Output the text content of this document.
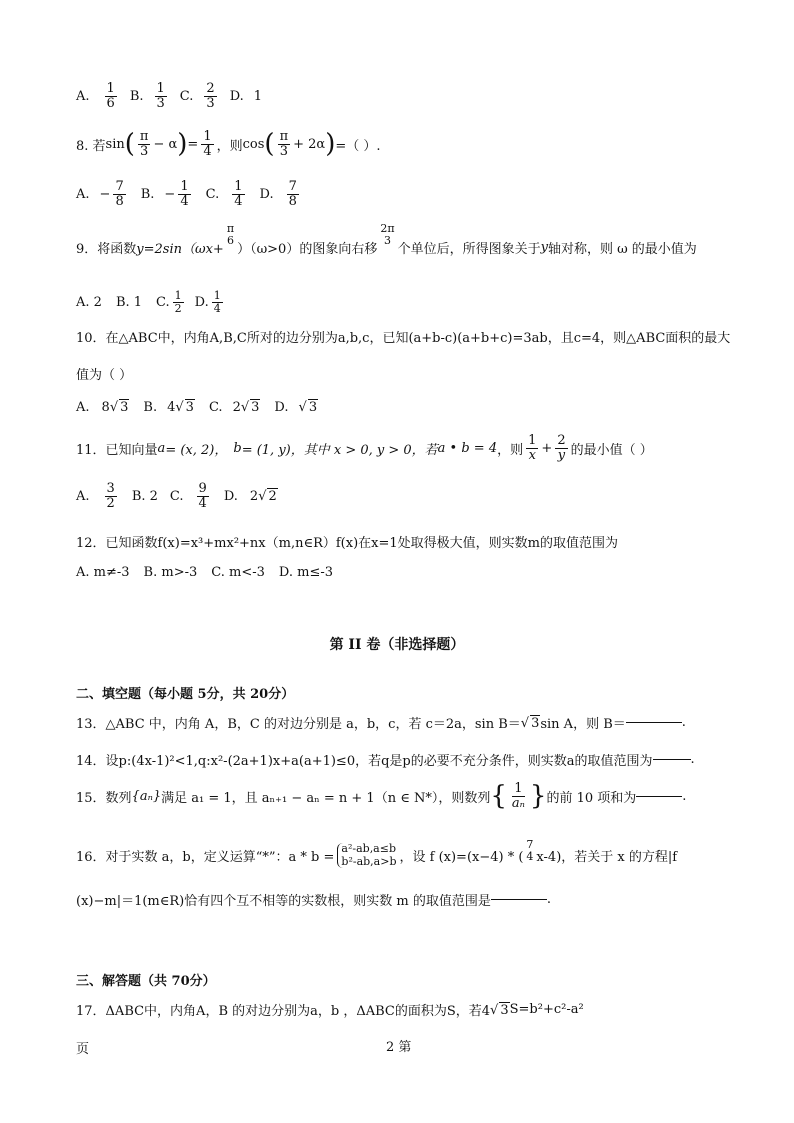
A. $\frac{1}{6} B$. $\frac{1}{3} C$. $\frac{2}{3} D$. 1
8. 若 sin ( $\frac{\pi}{3} - \alpha$ ) = $\frac{1}{4}$ ，则 cos ( $\frac{\pi}{3} + 2\alpha$ ) =（ ）.
A. − $\frac{7}{8} B$. − $\frac{1}{4} C$. $\frac{1}{4} D$. $\frac{7}{8}$
9．将函数 y=2sin（ωx+
π
6
）（ω>0）的图象向右移
2π
3
个单位后，所得图象关于 y 轴对称，则 ω 的最小值为
A. 2 B. 1 C. $\frac{1}{2} D$. $\frac{1}{4}$
10．在△ABC中，内角A,B,C所对的边分别为a,b,c，已知(a+b-c)(a+b+c)=3ab，且c=4，则△ABC面积的最大
值为（ ）
A. 8 √ 3 B. 4 √ 3 C. 2 √ 3 D. √ 3
11．已知向量 a = (x, 2)， b = (1, y)，其中 x > 0, y > 0，若 a • b = 4 ，则 $\frac{1}{x} + \frac{2}{y}$ 的最小值（ ）
A. $\frac{3}{2} B$. 2 C. $\frac{9}{4} D$. 2 √ 2
12．已知函数f(x)=x³+mx²+nx（m,n∈R）f(x)在x=1处取得极大值，则实数m的取值范围为
A. m≠-3 B. m>-3 C. m<-3 D. m≤-3
第 II 卷（非选择题）
二、填空题（每小题 5分，共 20分）
13．△ABC 中，内角 A，B，C 的对边分别是 a，b，c，若 c＝2a，sin B＝ √ 3 sin A，则 B＝	.
14．设p:(4x-1)²<1,q:x²-(2a+1)x+a(a+1)≤0，若q是p的必要不充分条件，则实数a的取值范围为	.
15．数列 {aₙ} 满足 a₁ = 1，且 aₙ₊₁ − aₙ = n + 1（n ∈ N*），则数列 { $\frac{1}{\text{aₙ}}$ } 的前 10 项和为	.
16．对于实数 a，b，定义运算“*”：a * b =
a²-ab,a≤b
b²-ab,a>b ，设 f (x)=(x−4) * (
7
4 x-4)，若关于 x 的方程|f
(x)−m|＝1(m∈R)恰有四个互不相等的实数根，则实数 m 的取值范围是	.
三、解答题（共 70分）
17．ΔABC中，内角A，B 的对边分别为a，b ，ΔABC的面积为S，若4 √ 3 S=b²+c²-a²
页	2 第
